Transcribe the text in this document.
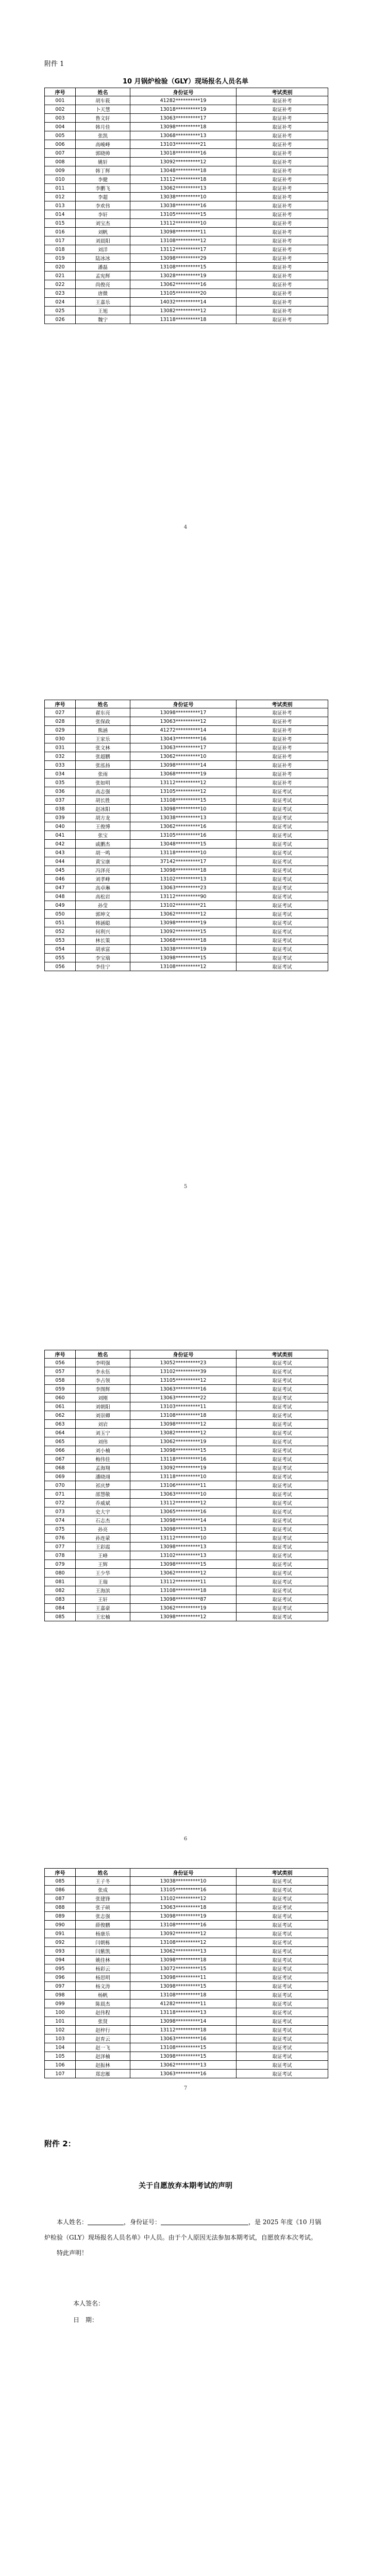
附件 1
10 月锅炉检验（GLY）现场报名人员名单
序号	姓名	身份证号	考试类别
001	胡车筱	41282**********19	取证补考
002	卜天慧	13018**********19	取证补考
003	鲁文轩	13063**********17	取证补考
004	韩月佳	13098**********18	取证补考
005	张凯	13068**********13	取证补考
006	高峻峰	13103**********21	取证补考
007	郭晓帅	13018**********16	取证补考
008	姚轩	13092**********12	取证补考
009	韩丁辉	13048**********18	取证补考
010	李健	13112**********18	取证补考
011	李鹏飞	13062**********13	取证补考
012	李超	13038**********10	取证补考
013	李欢伟	13038**********16	取证补考
014	李轩	13105**********15	取证补考
015	刘宝杰	13112**********10	取证补考
016	刘帆	13098**********11	取证补考
017	刘晨阳	13108**********12	取证补考
018	刘洋	13112**********17	取证补考
019	陆冰冰	13098**********29	取证补考
020	潘磊	13108**********15	取证补考
021	孟宪辉	13028**********19	取证补考
022	尚俊亮	13062**********16	取证补考
023	唐微	13105**********20	取证补考
024	王嘉乐	14032**********14	取证补考
025	王旭	13082**********12	取证补考
026	魏宁	13118**********18	取证补考
4
序号	姓名	身份证号	考试类别
027	翟东亮	13098**********17	取证补考
028	张保政	13063**********12	取证补考
029	熊涵	41272**********14	取证补考
030	王家乐	13043**********16	取证补考
031	张文林	13063**********17	取证补考
032	张超鹏	13062**********10	取证补考
033	张泓扬	13098**********14	取证补考
034	张雨	13068**********19	取证补考
035	张如明	13112**********12	取证补考
036	高志强	13105**********12	取证考试
037	胡长胜	13108**********15	取证考试
038	赵冰阳	13098**********10	取证考试
039	胡方龙	13038**********13	取证考试
040	王俊博	13062**********16	取证考试
041	张宝	13105**********16	取证考试
042	戚鹏杰	13048**********15	取证考试
043	胡一鸣	13118**********10	取证考试
044	黄宝康	37142**********17	取证考试
045	冯泽亮	13098**********18	取证考试
046	刘孝峰	13102**********13	取证考试
047	高卓琳	13063**********23	取证考试
048	高松岩	13112**********90	取证考试
049	孙莹	13102**********21	取证考试
050	郭坤文	13062**********12	取证考试
051	韩涵聪	13098**********19	取证考试
052	何利兴	13092**********15	取证考试
053	林长策	13068**********18	取证考试
054	胡承富	13038**********19	取证考试
055	李宝瑞	13098**********15	取证考试
056	李佳宁	13108**********12	取证考试
5
序号	姓名	身份证号	考试类别
056	李明强	13052**********23	取证考试
057	李永伍	13102**********39	取证考试
058	李占领	13105**********12	取证考试
059	李图辉	13063**********16	取证考试
060	刘刚	13063**********22	取证考试
061	刘朝阳	13103**********11	取证考试
062	刘崇卿	13108**********18	取证考试
063	刘岩	13098**********12	取证考试
064	刘玉宁	13082**********12	取证考试
065	刘伟	13062**********19	取证考试
066	刘小楠	13098**********15	取证考试
067	梅伟佳	13118**********16	取证考试
068	孟海翔	13092**********19	取证考试
069	潘晓翊	13118**********10	取证考试
070	祁庆梦	13106**********11	取证考试
071	邵慧敬	13063**********10	取证考试
072	乔威斌	13112**********12	取证考试
073	史大宇	13065**********16	取证考试
074	石志杰	13098**********14	取证考试
075	孙亮	13098**********13	取证考试
076	孙连蒙	13112**********10	取证考试
077	王彩霞	13098**********13	取证考试
078	王峰	13102**********13	取证考试
079	王辉	13098**********15	取证考试
080	王少华	13062**********12	取证考试
081	王瑞	13112**********11	取证考试
082	王海滨	13108**********18	取证考试
083	王轩	13098**********87	取证考试
084	王嘉豪	13062**********19	取证考试
085	王宏楠	13098**********12	取证考试
6
序号	姓名	身份证号	考试类别
085	王子冬	13038**********10	取证考试
086	张成	13105**********16	取证考试
087	张建锋	13102**********12	取证考试
088	张子硕	13063**********18	取证考试
089	张志强	13098**********19	取证考试
090	薛俊鹏	13108**********16	取证考试
091	杨康乐	13092**********12	取证考试
092	闫朝栋	13108**********12	取证考试
093	闫紫凯	13062**********13	取证考试
094	姚佳林	13098**********18	取证考试
095	杨彩云	13072**********15	取证考试
096	杨思明	13098**********11	取证考试
097	杨文涛	13098**********15	取证考试
098	杨帆	13108**********18	取证考试
099	陈晨杰	41282**********11	取证考试
100	赵伟程	13118**********13	取证考试
101	张贤	13098**********14	取证考试
102	赵梓行	13112**********18	取证考试
103	赵育云	13063**********16	取证考试
104	赵一飞	13108**********15	取证考试
105	赵泽楠	13098**********15	取证考试
106	赵振林	13062**********13	取证考试
107	郑忠雁	13063**********16	取证考试
7
附件 2：
关于自愿放弃本期考试的声明

本人姓名：	，身份证号：	，是 2025 年度《10 月锅炉检验（GLY）现场报名人员名单》中人员。由于个人原因无法参加本期考试，自愿放弃本次考试。

特此声明！

本人签名：
日　期：
